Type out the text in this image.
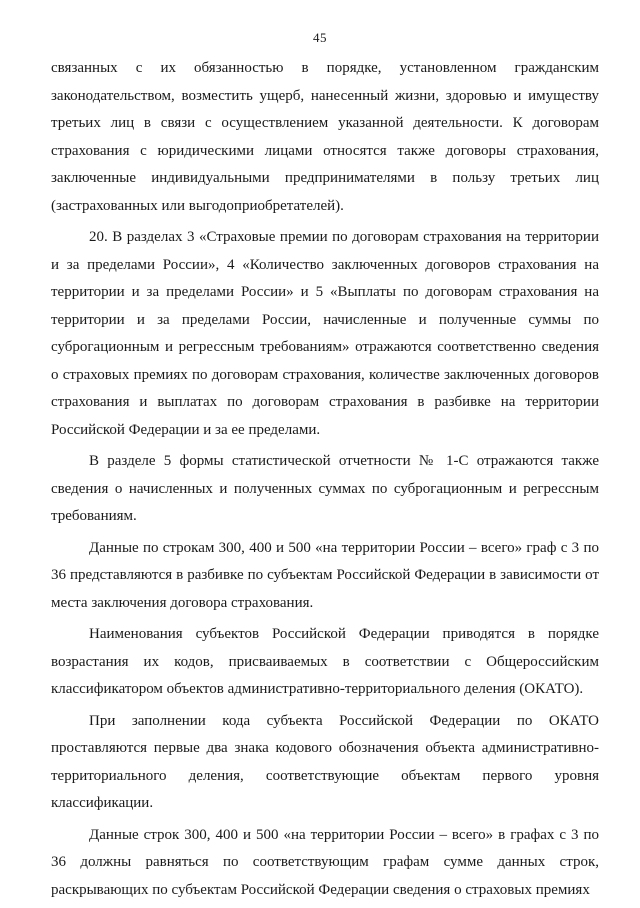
45

связанных с их обязанностью в порядке, установленном гражданским законодательством, возместить ущерб, нанесенный жизни, здоровью и имуществу третьих лиц в связи с осуществлением указанной деятельности. К договорам страхования с юридическими лицами относятся также договоры страхования, заключенные индивидуальными предпринимателями в пользу третьих лиц (застрахованных или выгодоприобретателей).

20. В разделах 3 «Страховые премии по договорам страхования на территории и за пределами России», 4 «Количество заключенных договоров страхования на территории и за пределами России» и 5 «Выплаты по договорам страхования на территории и за пределами России, начисленные и полученные суммы по суброгационным и регрессным требованиям» отражаются соответственно сведения о страховых премиях по договорам страхования, количестве заключенных договоров страхования и выплатах по договорам страхования в разбивке на территории Российской Федерации и за ее пределами.

В разделе 5 формы статистической отчетности № 1-С отражаются также сведения о начисленных и полученных суммах по суброгационным и регрессным требованиям.

Данные по строкам 300, 400 и 500 «на территории России – всего» граф с 3 по 36 представляются в разбивке по субъектам Российской Федерации в зависимости от места заключения договора страхования.

Наименования субъектов Российской Федерации приводятся в порядке возрастания их кодов, присваиваемых в соответствии с Общероссийским классификатором объектов административно-территориального деления (ОКАТО).

При заполнении кода субъекта Российской Федерации по ОКАТО проставляются первые два знака кодового обозначения объекта административно-территориального деления, соответствующие объектам первого уровня классификации.

Данные строк 300, 400 и 500 «на территории России – всего» в графах с 3 по 36 должны равняться по соответствующим графам сумме данных строк, раскрывающих по субъектам Российской Федерации сведения о страховых премиях
